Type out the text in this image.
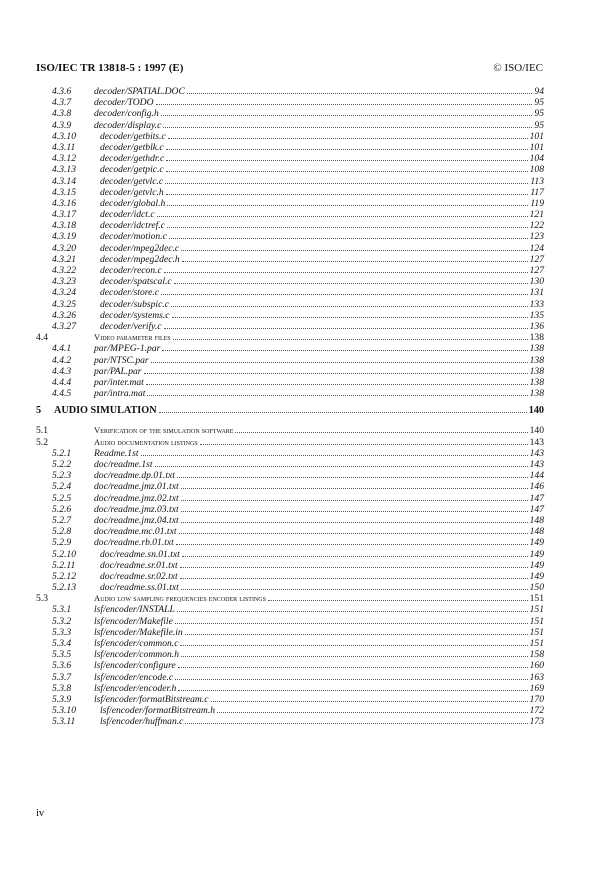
ISO/IEC TR 13818-5 : 1997 (E)	© ISO/IEC
4.3.6	decoder/SPATIAL.DOC	94
4.3.7	decoder/TODO	95
4.3.8	decoder/config.h	95
4.3.9	decoder/display.c	95
4.3.10	decoder/getbits.c	101
4.3.11	decoder/getblk.c	101
4.3.12	decoder/gethdr.c	104
4.3.13	decoder/getpic.c	108
4.3.14	decoder/getvlc.c	113
4.3.15	decoder/getvlc.h	117
4.3.16	decoder/global.h	119
4.3.17	decoder/idct.c	121
4.3.18	decoder/idctref.c	122
4.3.19	decoder/motion.c	123
4.3.20	decoder/mpeg2dec.c	124
4.3.21	decoder/mpeg2dec.h	127
4.3.22	decoder/recon.c	127
4.3.23	decoder/spatscal.c	130
4.3.24	decoder/store.c	131
4.3.25	decoder/subspic.c	133
4.3.26	decoder/systems.c	135
4.3.27	decoder/verify.c	136
4.4	Video parameter files	138
4.4.1	par/MPEG-1.par	138
4.4.2	par/NTSC.par	138
4.4.3	par/PAL.par	138
4.4.4	par/inter.mat	138
4.4.5	par/intra.mat	138
5	AUDIO SIMULATION	140
5.1	Verification of the simulation software	140
5.2	Audio documentation listings	143
5.2.1	Readme.1st	143
5.2.2	doc/readme.1st	143
5.2.3	doc/readme.dp.01.txt	144
5.2.4	doc/readme.jmz.01.txt	146
5.2.5	doc/readme.jmz.02.txt	147
5.2.6	doc/readme.jmz.03.txt	147
5.2.7	doc/readme.jmz.04.txt	148
5.2.8	doc/readme.mc.01.txt	148
5.2.9	doc/readme.rb.01.txt	149
5.2.10	doc/readme.sn.01.txt	149
5.2.11	doc/readme.sr.01.txt	149
5.2.12	doc/readme.sr.02.txt	149
5.2.13	doc/readme.ss.01.txt	150
5.3	Audio low sampling frequencies encoder listings	151
5.3.1	lsf/encoder/INSTALL	151
5.3.2	lsf/encoder/Makefile	151
5.3.3	lsf/encoder/Makefile.in	151
5.3.4	lsf/encoder/common.c	151
5.3.5	lsf/encoder/common.h	158
5.3.6	lsf/encoder/configure	160
5.3.7	lsf/encoder/encode.c	163
5.3.8	lsf/encoder/encoder.h	169
5.3.9	lsf/encoder/formatBitstream.c	170
5.3.10	lsf/encoder/formatBitstream.h	172
5.3.11	lsf/encoder/huffman.c	173
iv
